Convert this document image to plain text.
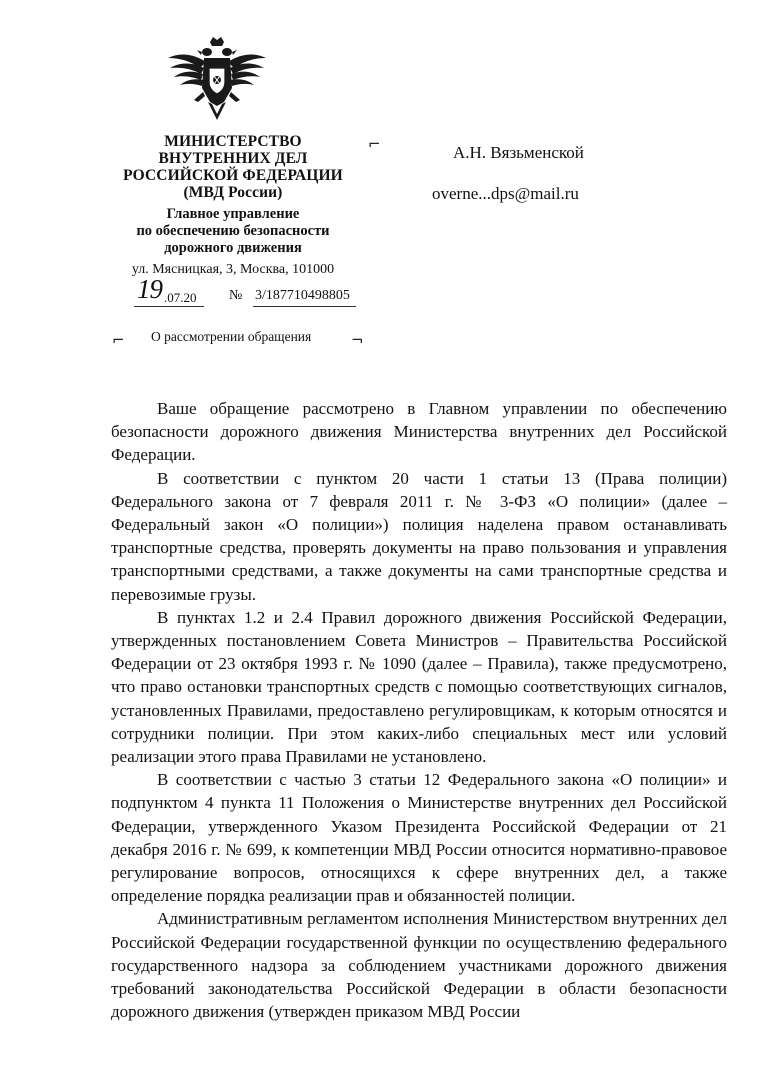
МИНИСТЕРСТВО
ВНУТРЕННИХ ДЕЛ
РОССИЙСКОЙ ФЕДЕРАЦИИ
(МВД России)
Главное управление
по обеспечению безопасности
дорожного движения
ул. Мясницкая, 3, Москва, 101000
19 .07.20 № 3/187710498805
⌐
⌐	¬
А.Н. Вязьменской
overne...dps@mail.ru
О рассмотрении обращения

Ваше обращение рассмотрено в Главном управлении по обеспечению безопасности дорожного движения Министерства внутренних дел Российской Федерации.

В соответствии с пунктом 20 части 1 статьи 13 (Права полиции) Федерального закона от 7 февраля 2011 г. № 3-ФЗ «О полиции» (далее – Федеральный закон «О полиции») полиция наделена правом останавливать транспортные средства, проверять документы на право пользования и управления транспортными средствами, а также документы на сами транспортные средства и перевозимые грузы.

В пунктах 1.2 и 2.4 Правил дорожного движения Российской Федерации, утвержденных постановлением Совета Министров – Правительства Российской Федерации от 23 октября 1993 г. № 1090 (далее – Правила), также предусмотрено, что право остановки транспортных средств с помощью соответствующих сигналов, установленных Правилами, предоставлено регулировщикам, к которым относятся и сотрудники полиции. При этом каких-либо специальных мест или условий реализации этого права Правилами не установлено.

В соответствии с частью 3 статьи 12 Федерального закона «О полиции» и подпунктом 4 пункта 11 Положения о Министерстве внутренних дел Российской Федерации, утвержденного Указом Президента Российской Федерации от 21 декабря 2016 г. № 699, к компетенции МВД России относится нормативно-правовое регулирование вопросов, относящихся к сфере внутренних дел, а также определение порядка реализации прав и обязанностей полиции.

Административным регламентом исполнения Министерством внутренних дел Российской Федерации государственной функции по осуществлению федерального государственного надзора за соблюдением участниками дорожного движения требований законодательства Российской Федерации в области безопасности дорожного движения (утвержден приказом МВД России
